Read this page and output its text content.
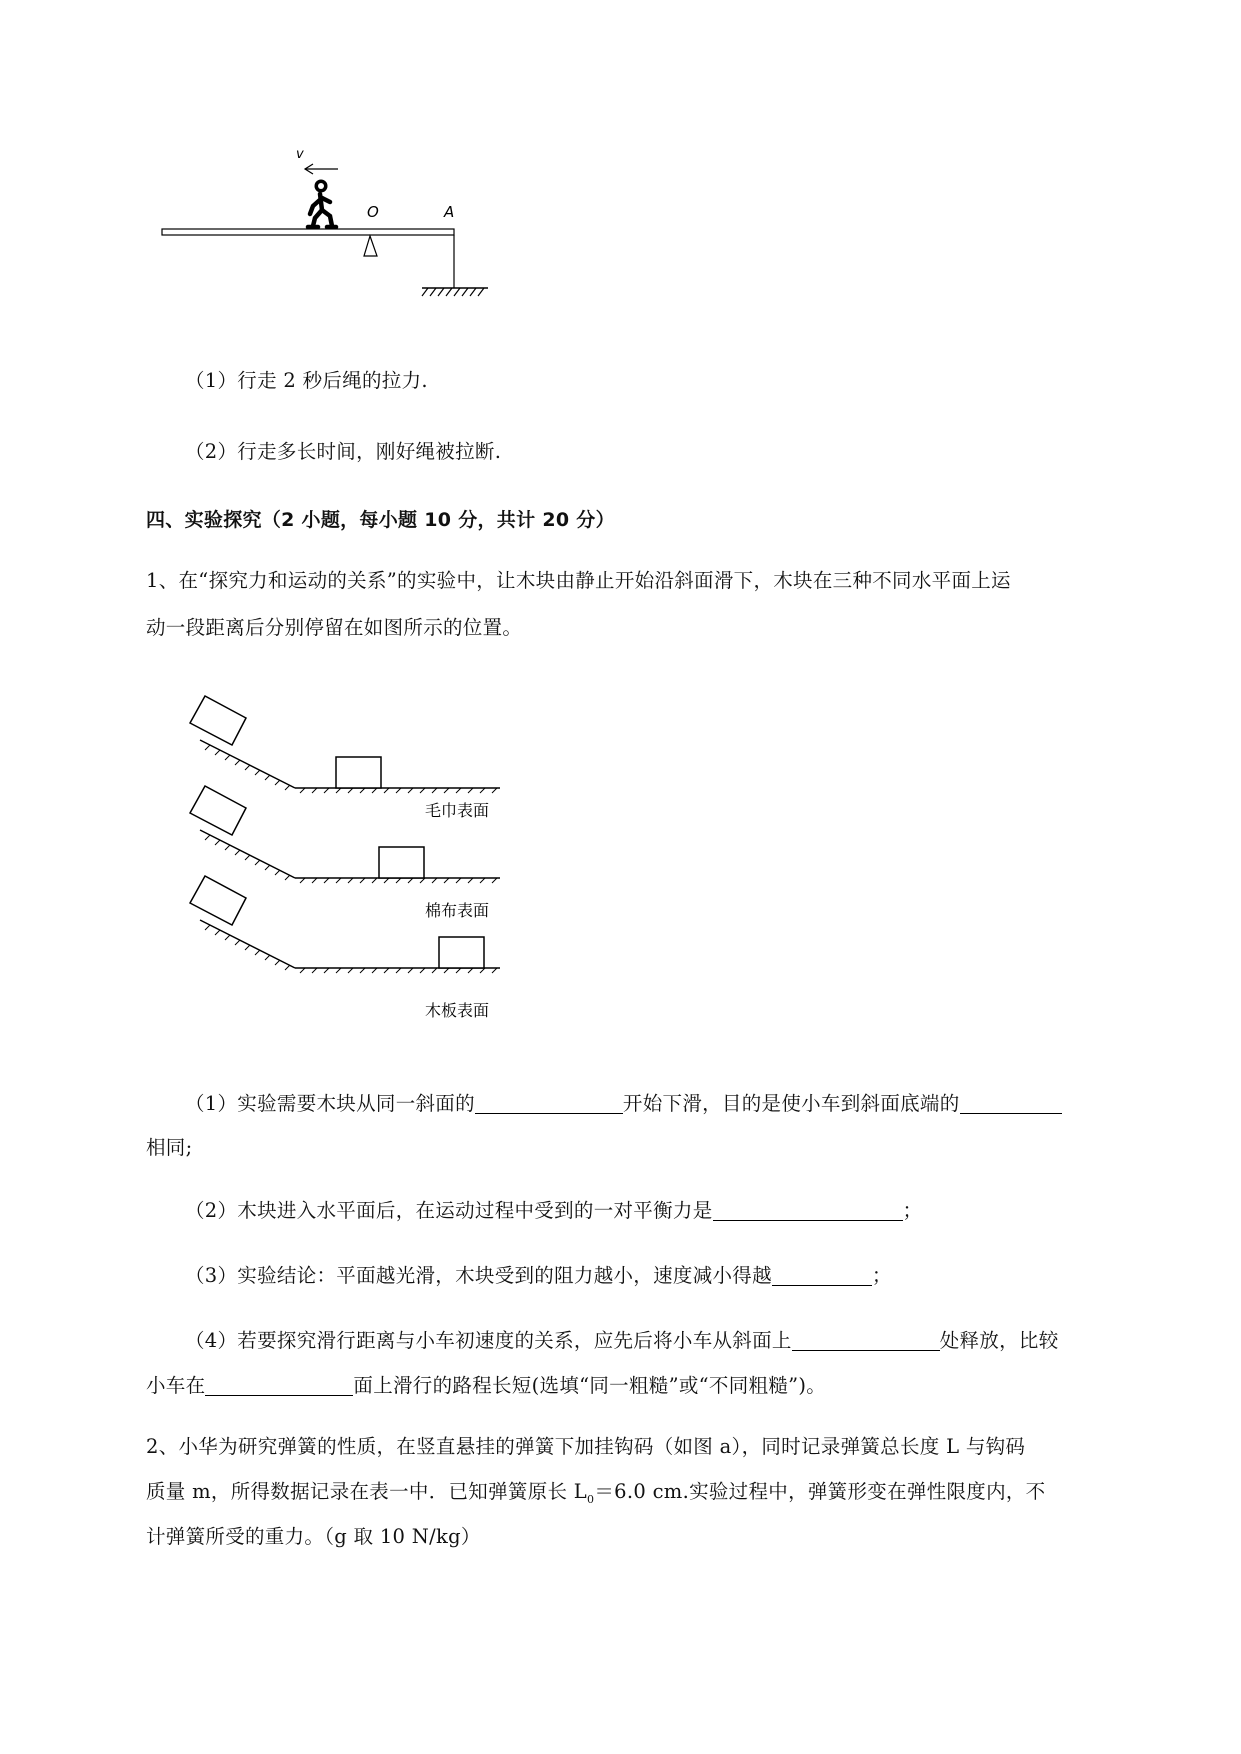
v
O	A
（1）行走 2 秒后绳的拉力.
（2）行走多长时间，刚好绳被拉断.
四、实验探究（2 小题，每小题 10 分，共计 20 分）
1、在“探究力和运动的关系”的实验中，让木块由静止开始沿斜面滑下，木块在三种不同水平面上运
动一段距离后分别停留在如图所示的位置。
毛巾表面
棉布表面
木板表面
（1）实验需要木块从同一斜面的	开始下滑，目的是使小车到斜面底端的
相同;
（2）木块进入水平面后，在运动过程中受到的一对平衡力是	；
（3）实验结论：平面越光滑，木块受到的阻力越小，速度减小得越	；
（4）若要探究滑行距离与小车初速度的关系，应先后将小车从斜面上	处释放，比较
小车在	面上滑行的路程长短(选填“同一粗糙”或“不同粗糙”)。
2、小华为研究弹簧的性质，在竖直悬挂的弹簧下加挂钩码（如图 a），同时记录弹簧总长度 L 与钩码
质量 m，所得数据记录在表一中．已知弹簧原长 $L_0=6.0$ cm.实验过程中，弹簧形变在弹性限度内，不
计弹簧所受的重力。（g 取 10 N/kg）
